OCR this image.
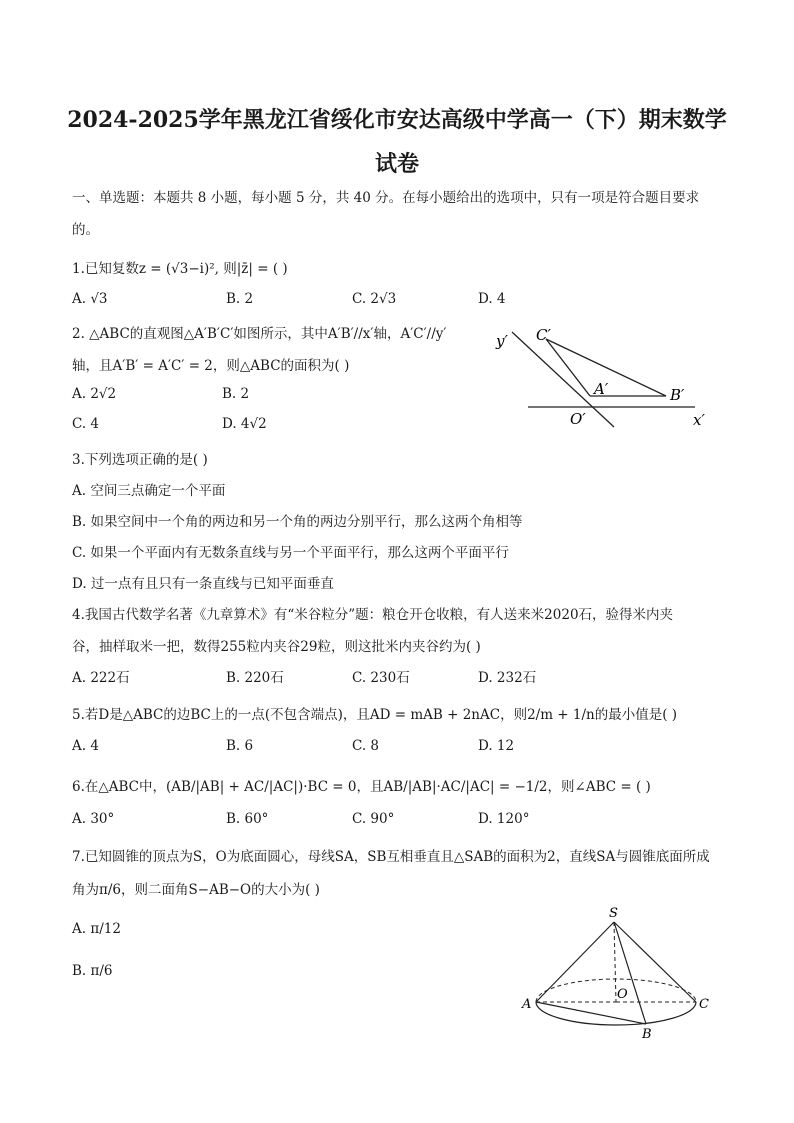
2024-2025学年黑龙江省绥化市安达高级中学高一（下）期末数学试卷
一、单选题：本题共 8 小题，每小题 5 分，共 40 分。在每小题给出的选项中，只有一项是符合题目要求
的。
1.已知复数z = (√3−i)², 则|z̄| = ( )
A. √3	B. 2	C. 2√3	D. 4
2. △ABC的直观图△A′B′C′如图所示，其中A′B′//x′轴，A′C′//y′
轴，且A′B′ = A′C′ = 2，则△ABC的面积为( )
A. 2√2	B. 2
C. 4	D. 4√2
y′ C′
A′	B′
O′	x′
3.下列选项正确的是( )
A. 空间三点确定一个平面
B. 如果空间中一个角的两边和另一个角的两边分别平行，那么这两个角相等
C. 如果一个平面内有无数条直线与另一个平面平行，那么这两个平面平行
D. 过一点有且只有一条直线与已知平面垂直
4.我国古代数学名著《九章算术》有“米谷粒分”题：粮仓开仓收粮，有人送来米2020石，验得米内夹
谷，抽样取米一把，数得255粒内夹谷29粒，则这批米内夹谷约为( )
A. 222石	B. 220石	C. 230石	D. 232石
5.若D是△ABC的边BC上的一点(不包含端点)，且AD = mAB + 2nAC，则2/m + 1/n的最小值是( )
A. 4	B. 6	C. 8	D. 12
6.在△ABC中，(AB/|AB| + AC/|AC|)·BC = 0，且AB/|AB|·AC/|AC| = −1/2，则∠ABC = ( )
A. 30°	B. 60°	C. 90°	D. 120°
7.已知圆锥的顶点为S，O为底面圆心，母线SA，SB互相垂直且△SAB的面积为2，直线SA与圆锥底面所成
角为π/6，则二面角S−AB−O的大小为( )
A. π/12
B. π/6
S
O
A
B
C
